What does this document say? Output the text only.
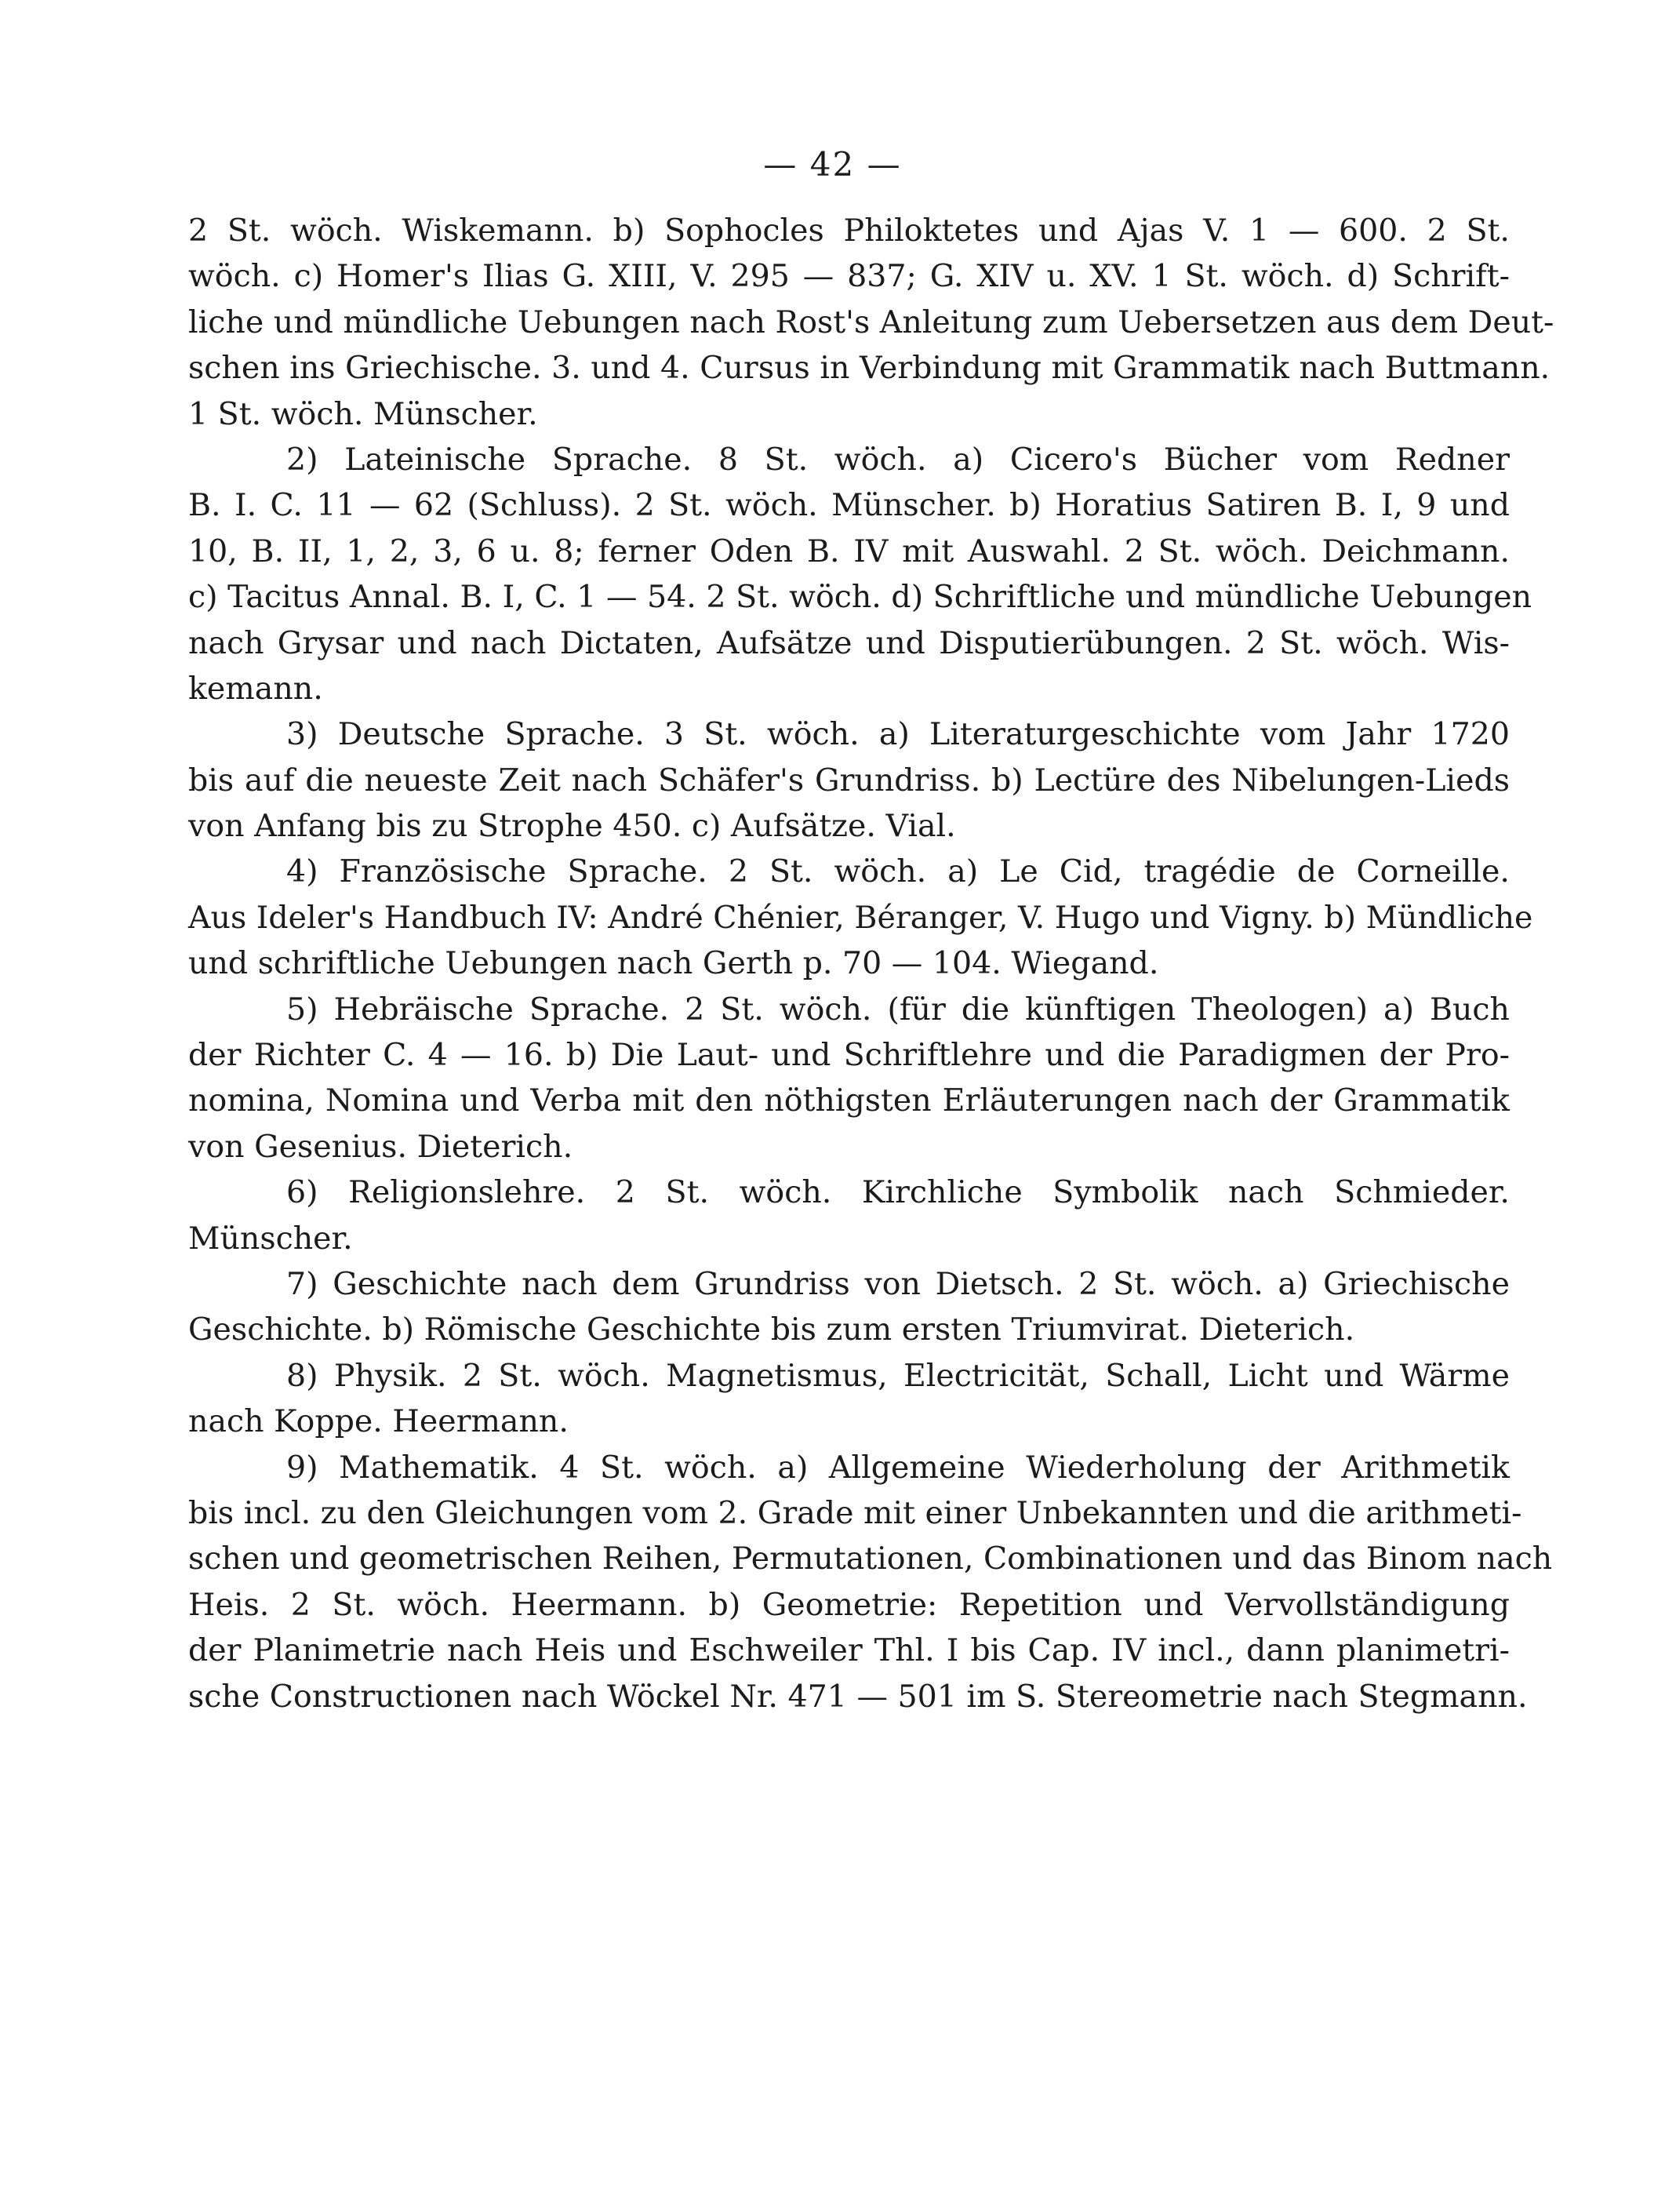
— 42 —
2 St. wöch. Wiskemann. b) Sophocles Philoktetes und Ajas V. 1 — 600. 2 St.
wöch. c) Homer's Ilias G. XIII, V. 295 — 837; G. XIV u. XV. 1 St. wöch. d) Schrift-
liche und mündliche Uebungen nach Rost's Anleitung zum Uebersetzen aus dem Deut-
schen ins Griechische. 3. und 4. Cursus in Verbindung mit Grammatik nach Buttmann.
1 St. wöch. Münscher.
2) Lateinische Sprache. 8 St. wöch. a) Cicero's Bücher vom Redner
B. I. C. 11 — 62 (Schluss). 2 St. wöch. Münscher. b) Horatius Satiren B. I, 9 und
10, B. II, 1, 2, 3, 6 u. 8; ferner Oden B. IV mit Auswahl. 2 St. wöch. Deichmann.
c) Tacitus Annal. B. I, C. 1 — 54. 2 St. wöch. d) Schriftliche und mündliche Uebungen
nach Grysar und nach Dictaten, Aufsätze und Disputierübungen. 2 St. wöch. Wis-
kemann.
3) Deutsche Sprache. 3 St. wöch. a) Literaturgeschichte vom Jahr 1720
bis auf die neueste Zeit nach Schäfer's Grundriss. b) Lectüre des Nibelungen-Lieds
von Anfang bis zu Strophe 450. c) Aufsätze. Vial.
4) Französische Sprache. 2 St. wöch. a) Le Cid, tragédie de Corneille.
Aus Ideler's Handbuch IV: André Chénier, Béranger, V. Hugo und Vigny. b) Mündliche
und schriftliche Uebungen nach Gerth p. 70 — 104. Wiegand.
5) Hebräische Sprache. 2 St. wöch. (für die künftigen Theologen) a) Buch
der Richter C. 4 — 16. b) Die Laut- und Schriftlehre und die Paradigmen der Pro-
nomina, Nomina und Verba mit den nöthigsten Erläuterungen nach der Grammatik
von Gesenius. Dieterich.
6) Religionslehre. 2 St. wöch. Kirchliche Symbolik nach Schmieder.
Münscher.
7) Geschichte nach dem Grundriss von Dietsch. 2 St. wöch. a) Griechische
Geschichte. b) Römische Geschichte bis zum ersten Triumvirat. Dieterich.
8) Physik. 2 St. wöch. Magnetismus, Electricität, Schall, Licht und Wärme
nach Koppe. Heermann.
9) Mathematik. 4 St. wöch. a) Allgemeine Wiederholung der Arithmetik
bis incl. zu den Gleichungen vom 2. Grade mit einer Unbekannten und die arithmeti-
schen und geometrischen Reihen, Permutationen, Combinationen und das Binom nach
Heis. 2 St. wöch. Heermann. b) Geometrie: Repetition und Vervollständigung
der Planimetrie nach Heis und Eschweiler Thl. I bis Cap. IV incl., dann planimetri-
sche Constructionen nach Wöckel Nr. 471 — 501 im S. Stereometrie nach Stegmann.
